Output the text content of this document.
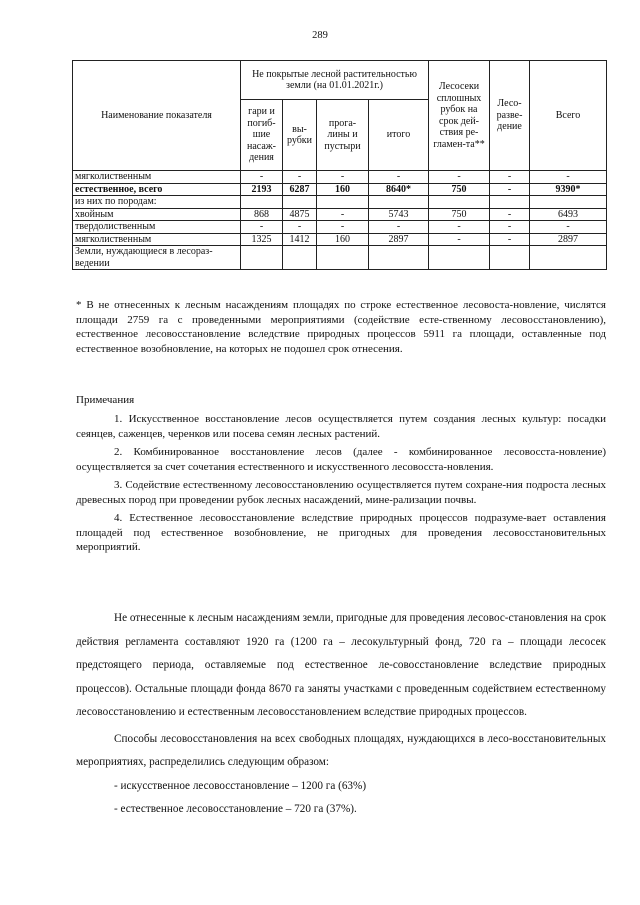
289
Наименование показателя	Не покрытые лесной растительностью земли (на 01.01.2021г.)				Лесосеки сплошных рубок на срок дей-ствия ре-гламен-та**	Лесо-разве-дение	Всего
	гари и погиб-шие насаж-дения	вы-рубки	прога-лины и пустыри	итого			
мягколиственным	-	-	-	-	-	-	-
естественное, всего	2193	6287	160	8640*	750	-	9390*
из них по породам:							
хвойным	868	4875	-	5743	750	-	6493
твердолиственным	-	-	-	-	-	-	-
мягколиственным	1325	1412	160	2897	-	-	2897
Земли, нуждающиеся в лесораз-ведении							
* В не отнесенных к лесным насаждениям площадях по строке естественное лесовоста-новление, числятся площади 2759 га с проведенными мероприятиями (содействие есте-ственному лесовосстановлению), естественное лесовосстановление вследствие природных процессов 5911 га площади, оставленные под естественное возобновление, на которых не подошел срок отнесения.
Примечания

1. Искусственное восстановление лесов осуществляется путем создания лесных культур: посадки сеянцев, саженцев, черенков или посева семян лесных растений.

2. Комбинированное восстановление лесов (далее - комбинированное лесовосста-новление) осуществляется за счет сочетания естественного и искусственного лесовосста-новления.

3. Содействие естественному лесовосстановлению осуществляется путем сохране-ния подроста лесных древесных пород при проведении рубок лесных насаждений, мине-рализации почвы.

4. Естественное лесовосстановление вследствие природных процессов подразуме-вает оставления площадей под естественное возобновление, не пригодных для проведения лесовосстановительных мероприятий.

Не отнесенные к лесным насаждениям земли, пригодные для проведения лесовос-становления на срок действия регламента составляют 1920 га (1200 га – лесокультурный фонд, 720 га – площади лесосек предстоящего периода, оставляемые под естественное ле-совосстановление вследствие природных процессов). Остальные площади фонда 8670 га заняты участками с проведенным содействием естественному лесовосстановлению и естественным лесовосстановлением вследствие природных процессов.

Способы лесовосстановления на всех свободных площадях, нуждающихся в лесо-восстановительных мероприятиях, распределились следующим образом:

- искусственное лесовосстановление – 1200 га (63%)

- естественное лесовосстановление – 720 га (37%).
